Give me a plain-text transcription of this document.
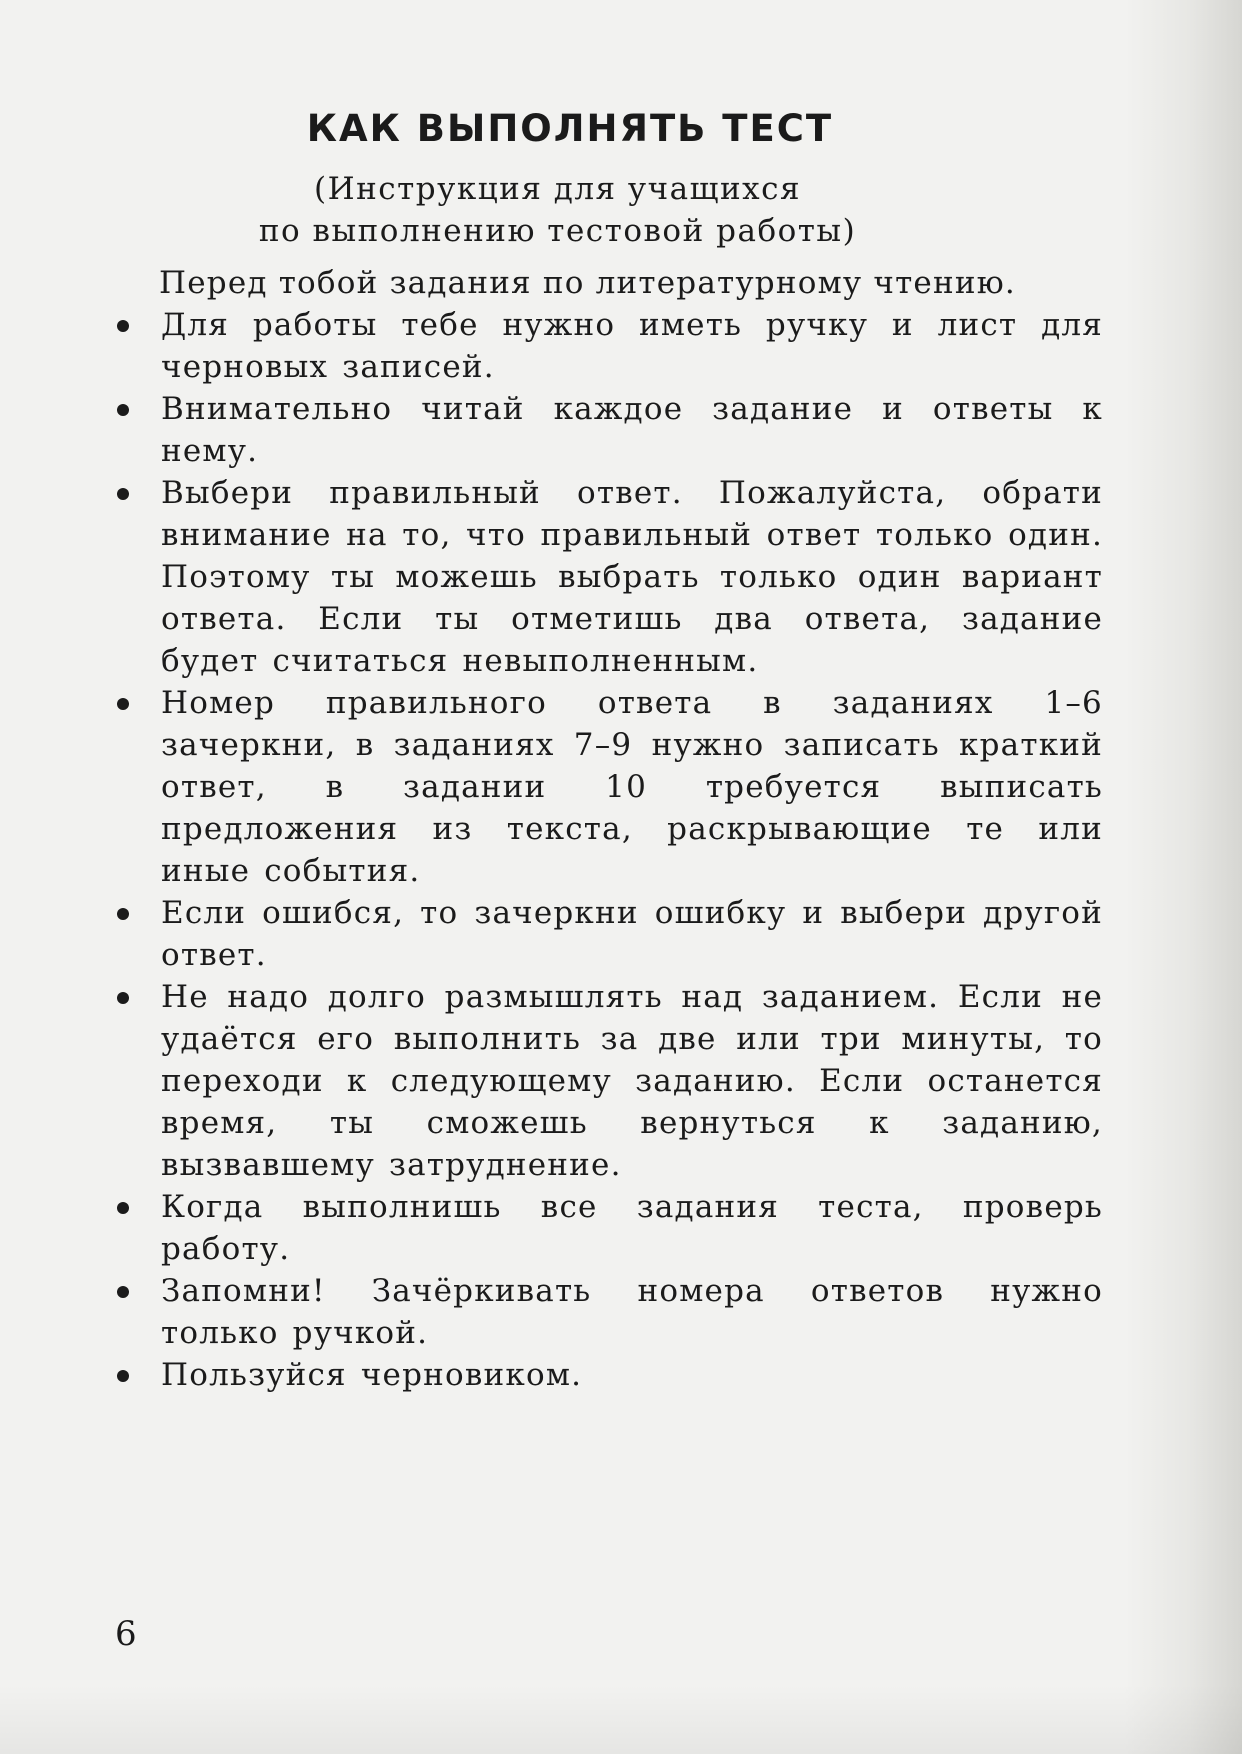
КАК ВЫПОЛНЯТЬ ТЕСТ
(Инструкция для учащихся
по выполнению тестовой работы)

Перед тобой задания по литературному чтению.

Для работы тебе нужно иметь ручку и лист для черновых записей.
Внимательно читай каждое задание и ответы к нему.
Выбери правильный ответ. Пожалуйста, обрати внимание на то, что правильный ответ только один. Поэтому ты можешь выбрать только один вариант ответа. Если ты отметишь два ответа, задание будет считаться невыполненным.
Номер правильного ответа в заданиях 1–6 зачеркни, в заданиях 7–9 нужно записать краткий ответ, в задании 10 требуется выписать предложения из текста, раскрывающие те или иные события.
Если ошибся, то зачеркни ошибку и выбери другой ответ.
Не надо долго размышлять над заданием. Если не удаётся его выполнить за две или три минуты, то переходи к следующему заданию. Если останется время, ты сможешь вернуться к заданию, вызвавшему затруднение.
Когда выполнишь все задания теста, проверь работу.
Запомни! Зачёркивать номера ответов нужно только ручкой.
Пользуйся черновиком.
6
